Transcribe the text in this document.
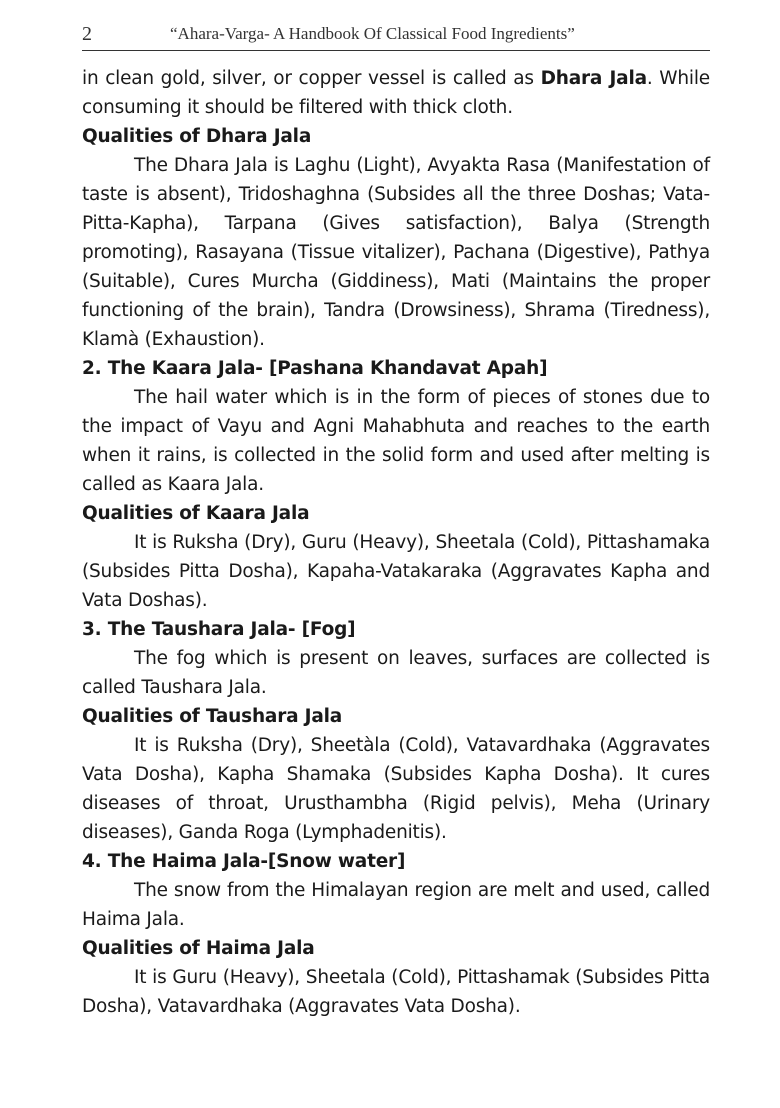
2	“Ahara-Varga- A Handbook Of Classical Food Ingredients”

in clean gold, silver, or copper vessel is called as Dhara Jala. While consuming it should be filtered with thick cloth.

Qualities of Dhara Jala

The Dhara Jala is Laghu (Light), Avyakta Rasa (Manifestation of taste is absent), Tridoshaghna (Subsides all the three Doshas; Vata-Pitta-Kapha), Tarpana (Gives satisfaction), Balya (Strength promoting), Rasayana (Tissue vitalizer), Pachana (Digestive), Pathya (Suitable), Cures Murcha (Giddiness), Mati (Maintains the proper functioning of the brain), Tandra (Drowsiness), Shrama (Tiredness), Klamà (Exhaustion).

2. The Kaara Jala- [Pashana Khandavat Apah]

The hail water which is in the form of pieces of stones due to the impact of Vayu and Agni Mahabhuta and reaches to the earth when it rains, is collected in the solid form and used after melting is called as Kaara Jala.

Qualities of Kaara Jala

It is Ruksha (Dry), Guru (Heavy), Sheetala (Cold), Pittashamaka (Subsides Pitta Dosha), Kapaha-Vatakaraka (Aggravates Kapha and Vata Doshas).

3. The Taushara Jala- [Fog]

The fog which is present on leaves, surfaces are collected is called Taushara Jala.

Qualities of Taushara Jala

It is Ruksha (Dry), Sheetàla (Cold), Vatavardhaka (Aggravates Vata Dosha), Kapha Shamaka (Subsides Kapha Dosha). It cures diseases of throat, Urusthambha (Rigid pelvis), Meha (Urinary diseases), Ganda Roga (Lymphadenitis).

4. The Haima Jala-[Snow water]

The snow from the Himalayan region are melt and used, called Haima Jala.

Qualities of Haima Jala

It is Guru (Heavy), Sheetala (Cold), Pittashamak (Subsides Pitta Dosha), Vatavardhaka (Aggravates Vata Dosha).
